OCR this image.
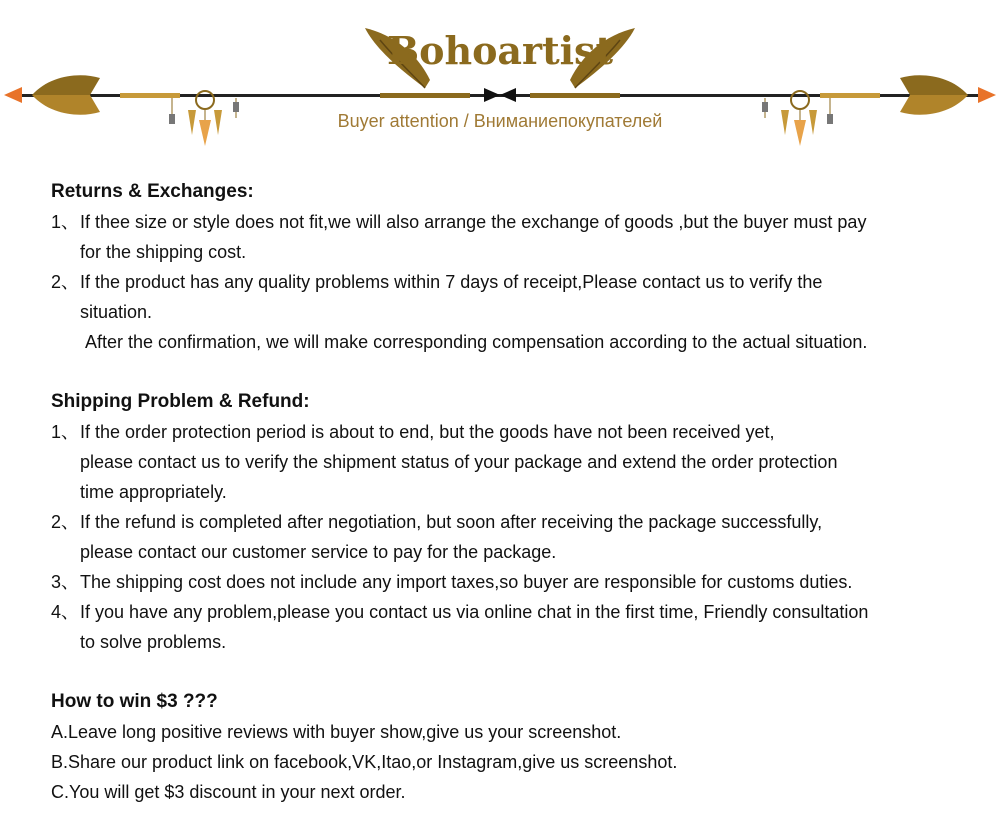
Bohoartist
Buyer attention / Вниманиепокупателей
Returns & Exchanges:
1、 If thee size or style does not fit,we will also arrange the exchange of goods ,but the buyer must pay
for the shipping cost.
2、 If the product has any quality problems within 7 days of receipt,Please contact us to verify the
situation.
After the confirmation, we will make corresponding compensation according to the actual situation.
Shipping Problem & Refund:
1、 If the order protection period is about to end, but the goods have not been received yet,
please contact us to verify the shipment status of your package and extend the order protection
time appropriately.
2、 If the refund is completed after negotiation, but soon after receiving the package successfully,
please contact our customer service to pay for the package.
3、 The shipping cost does not include any import taxes,so buyer are responsible for customs duties.
4、 If you have any problem,please you contact us via online chat in the first time, Friendly consultation
to solve problems.
How to win $3 ???
A.Leave long positive reviews with buyer show,give us your screenshot.
B.Share our product link on facebook,VK,Itao,or Instagram,give us screenshot.
C.You will get $3 discount in your next order.
